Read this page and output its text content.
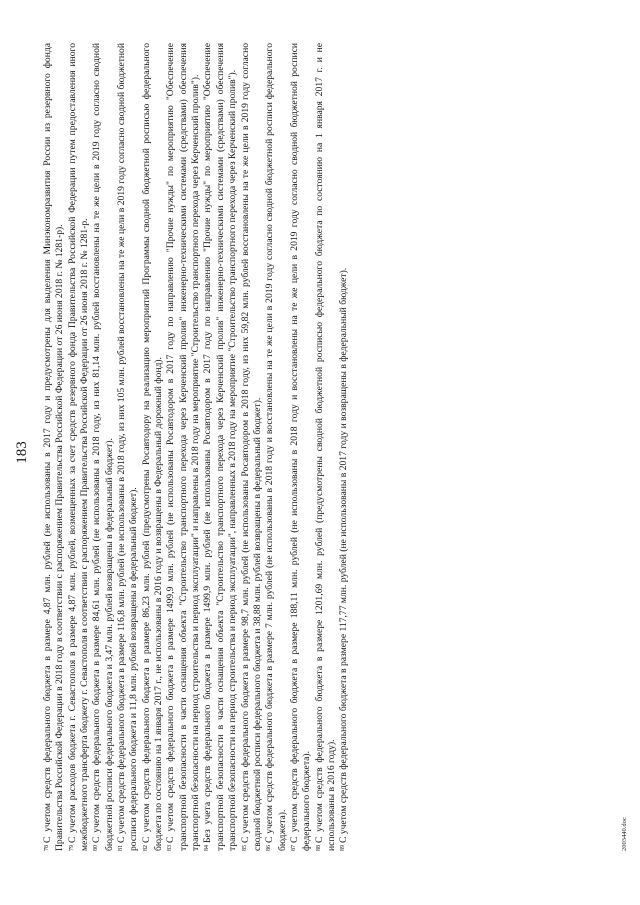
183

$^{78}$С учетом средств федерального бюджета в размере 4,87 млн. рублей (не использованы в 2017 году и предусмотрены для выделения Минэкономразвития России из резервного фонда Правительства Российской Федерации в 2018 году в соответствии с распоряжением Правительства Российской Федерации от 26 июня 2018 г. № 1281-р). $^{79}$С учетом расходов бюджета г. Севастополя в размере 4,87 млн. рублей, возмещенных за счет средств резервного фонда Правительства Российской Федерации путем предоставления иного межбюджетного трансферта бюджету г. Севастополя в соответствии с распоряжением Правительства Российской Федерации от 26 июня 2018 г. № 1281-р. $^{80}$С учетом средств федерального бюджета в размере 84,61 млн. рублей (не использованы в 2018 году, из них 81,14 млн. рублей восстановлены на те же цели в 2019 году согласно сводной бюджетной росписи федерального бюджета и 3,47 млн. рублей возвращены в федеральный бюджет). $^{81}$С учетом средств федерального бюджета в размере 116,8 млн. рублей (не использованы в 2018 году, из них 105 млн. рублей восстановлены на те же цели в 2019 году согласно сводной бюджетной росписи федерального бюджета и 11,8 млн. рублей возвращены в федеральный бюджет). $^{82}$С учетом средств федерального бюджета в размере 86,23 млн. рублей (предусмотрены Росавтодору на реализацию мероприятий Программы сводной бюджетной росписью федерального бюджета по состоянию на 1 января 2017 г., не использованы в 2016 году и возвращены в Федеральный дорожный фонд). $^{83}$С учетом средств федерального бюджета в размере 1499,9 млн. рублей (не использованы Росавтодором в 2017 году по направлению "Прочие нужды" по мероприятию "Обеспечение транспортной безопасности в части оснащения объекта "Строительство транспортного перехода через Керченский пролив" инженерно-техническими системами (средствами) обеспечения транспортной безопасности на период строительства и период эксплуатации" и направлены в 2018 году на мероприятие "Строительство транспортного перехода через Керченский пролив"). $^{84}$Без учета средств федерального бюджета в размере 1499,9 млн. рублей (не использованы Росавтодором в 2017 году по направлению "Прочие нужды" по мероприятию "Обеспечение транспортной безопасности в части оснащения объекта "Строительство транспортного перехода через Керченский пролив" инженерно-техническими системами (средствами) обеспечения транспортной безопасности на период строительства и период эксплуатации", направленных в 2018 году на мероприятие "Строительство транспортного перехода через Керченский пролив"). $^{85}$С учетом средств федерального бюджета в размере 98,7 млн. рублей (не использованы Росавтодором в 2018 году, из них 59,82 млн. рублей восстановлены на те же цели в 2019 году согласно сводной бюджетной росписи федерального бюджета и 38,88 млн. рублей возвращены в федеральный бюджет). $^{86}$С учетом средств федерального бюджета в размере 7 млн. рублей (не использованы в 2018 году и восстановлены на те же цели в 2019 году согласно сводной бюджетной росписи федерального бюджета). $^{87}$С учетом средств федерального бюджета в размере 188,11 млн. рублей (не использованы в 2018 году и восстановлены на те же цели в 2019 году согласно сводной бюджетной росписи федерального бюджета). $^{88}$С учетом средств федерального бюджета в размере 1201,69 млн. рублей (предусмотрены сводной бюджетной росписью федерального бюджета по состоянию на 1 января 2017 г. и не использованы в 2016 году). $^{89}$С учетом средств федерального бюджета в размере 117,77 млн. рублей (не использованы в 2017 году и возвращены в федеральный бюджет).	2003440.doc
